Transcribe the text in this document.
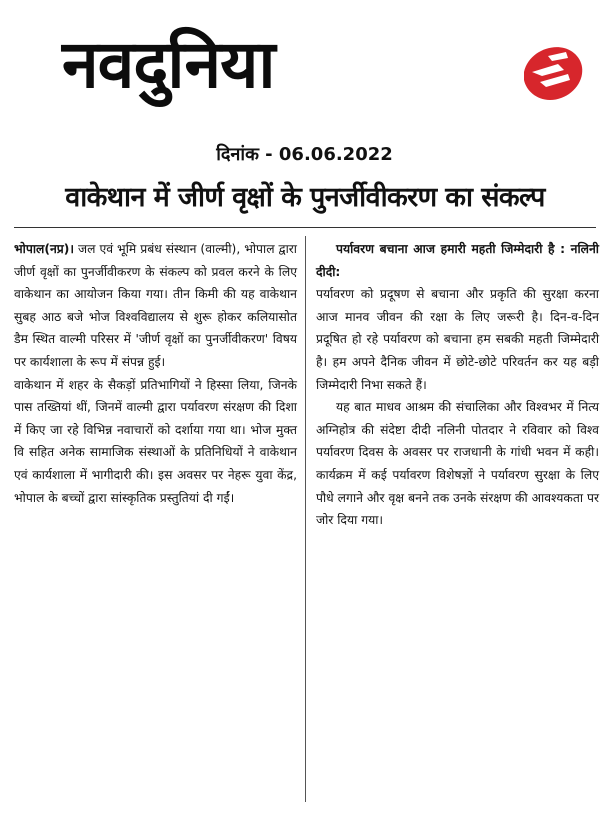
नवदुनिया
दिनांक - 06.06.2022
वाकेथान में जीर्ण वृक्षों के पुनर्जीवीकरण का संकल्प

भोपाल(नप्र)। जल एवं भूमि प्रबंध संस्थान (वाल्मी), भोपाल द्वारा जीर्ण वृक्षों का पुनर्जीवीकरण के संकल्प को प्रवल करने के लिए वाकेथान का आयोजन किया गया। तीन किमी की यह वाकेथान सुबह आठ बजे भोज विश्वविद्यालय से शुरू होकर कलियासोत डैम स्थित वाल्मी परिसर में 'जीर्ण वृक्षों का पुनर्जीवीकरण' विषय पर कार्यशाला के रूप में संपन्न हुई।

वाकेथान में शहर के सैकड़ों प्रतिभागियों ने हिस्सा लिया, जिनके पास तख्तियां थीं, जिनमें वाल्मी द्वारा पर्यावरण संरक्षण की दिशा में किए जा रहे विभिन्न नवाचारों को दर्शाया गया था। भोज मुक्त वि सहित अनेक सामाजिक संस्थाओं के प्रतिनिधियों ने वाकेथान एवं कार्यशाला में भागीदारी की। इस अवसर पर नेहरू युवा केंद्र, भोपाल के बच्चों द्वारा सांस्कृतिक प्रस्तुतियां दी गईं।

पर्यावरण बचाना आज हमारी महती जिम्मेदारी है : नलिनी दीदी:

पर्यावरण को प्रदूषण से बचाना और प्रकृति की सुरक्षा करना आज मानव जीवन की रक्षा के लिए जरूरी है। दिन-व-दिन प्रदूषित हो रहे पर्यावरण को बचाना हम सबकी महती जिम्मेदारी है। हम अपने दैनिक जीवन में छोटे-छोटे परिवर्तन कर यह बड़ी जिम्मेदारी निभा सकते हैं।

यह बात माधव आश्रम की संचालिका और विश्वभर में नित्य अग्निहोत्र की संदेष्टा दीदी नलिनी पोतदार ने रविवार को विश्व पर्यावरण दिवस के अवसर पर राजधानी के गांधी भवन में कही। कार्यक्रम में कई पर्यावरण विशेषज्ञों ने पर्यावरण सुरक्षा के लिए पौधे लगाने और वृक्ष बनने तक उनके संरक्षण की आवश्यकता पर जोर दिया गया।
